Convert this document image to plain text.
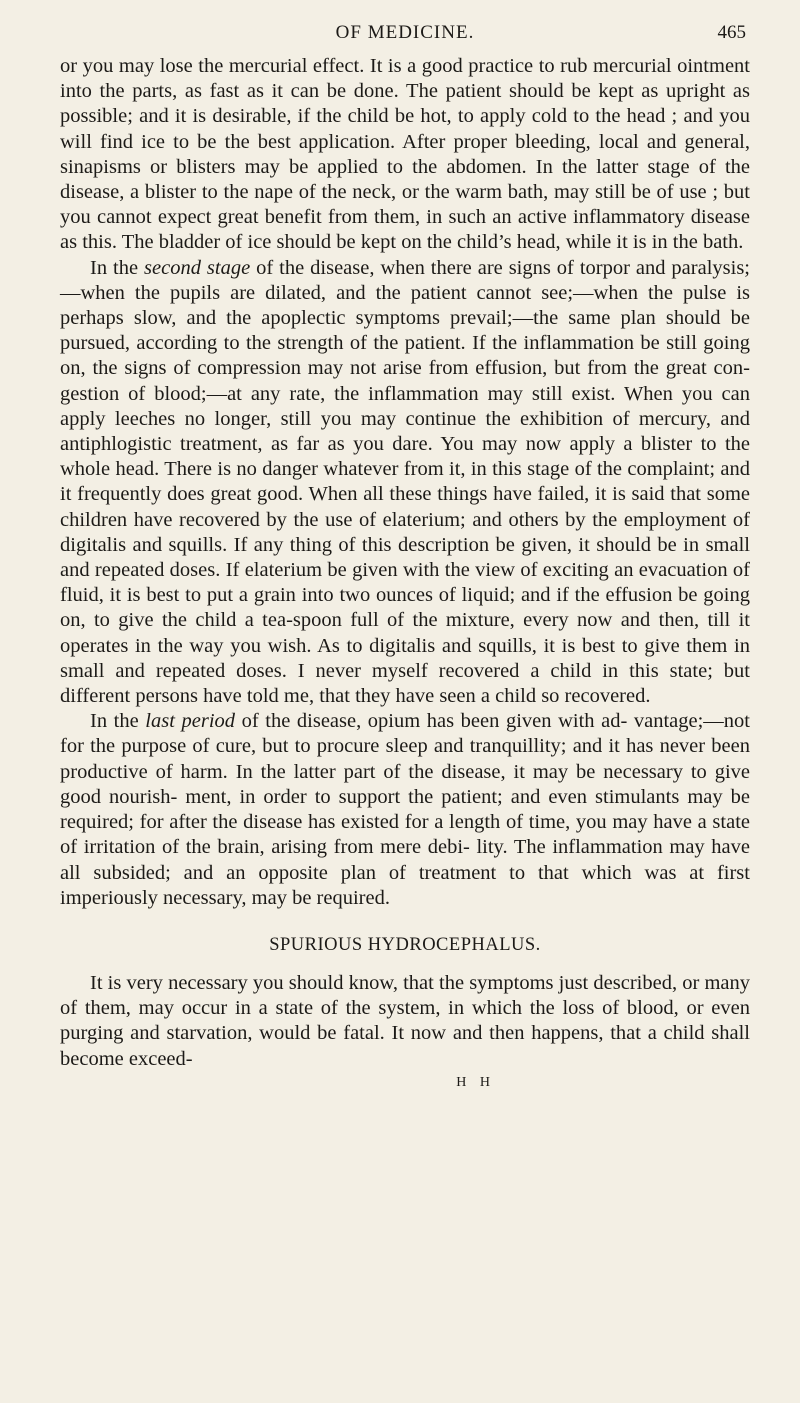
OF MEDICINE.	465

or you may lose the mercurial effect. It is a good practice to rub mercurial ointment into the parts, as fast as it can be done. The patient should be kept as upright as possible; and it is desirable, if the child be hot, to apply cold to the head ; and you will find ice to be the best application. After proper bleeding, local and general, sinapisms or blisters may be applied to the abdomen. In the latter stage of the disease, a blister to the nape of the neck, or the warm bath, may still be of use ; but you cannot expect great benefit from them, in such an active inflammatory disease as this. The bladder of ice should be kept on the child’s head, while it is in the bath.

In the second stage of the disease, when there are signs of torpor and paralysis;—when the pupils are dilated, and the patient cannot see;—when the pulse is perhaps slow, and the apoplectic symptoms prevail;—the same plan should be pursued, according to the strength of the patient. If the inflammation be still going on, the signs of compression may not arise from effusion, but from the great con- gestion of blood;—at any rate, the inflammation may still exist. When you can apply leeches no longer, still you may continue the exhibition of mercury, and antiphlogistic treatment, as far as you dare. You may now apply a blister to the whole head. There is no danger whatever from it, in this stage of the complaint; and it frequently does great good. When all these things have failed, it is said that some children have recovered by the use of elaterium; and others by the employment of digitalis and squills. If any thing of this description be given, it should be in small and repeated doses. If elaterium be given with the view of exciting an evacuation of fluid, it is best to put a grain into two ounces of liquid; and if the effusion be going on, to give the child a tea-spoon full of the mixture, every now and then, till it operates in the way you wish. As to digitalis and squills, it is best to give them in small and repeated doses. I never myself recovered a child in this state; but different persons have told me, that they have seen a child so recovered.

In the last period of the disease, opium has been given with ad- vantage;—not for the purpose of cure, but to procure sleep and tranquillity; and it has never been productive of harm. In the latter part of the disease, it may be necessary to give good nourish- ment, in order to support the patient; and even stimulants may be required; for after the disease has existed for a length of time, you may have a state of irritation of the brain, arising from mere debi- lity. The inflammation may have all subsided; and an opposite plan of treatment to that which was at first imperiously necessary, may be required.

SPURIOUS HYDROCEPHALUS.

It is very necessary you should know, that the symptoms just described, or many of them, may occur in a state of the system, in which the loss of blood, or even purging and starvation, would be fatal. It now and then happens, that a child shall become exceed-

H H
